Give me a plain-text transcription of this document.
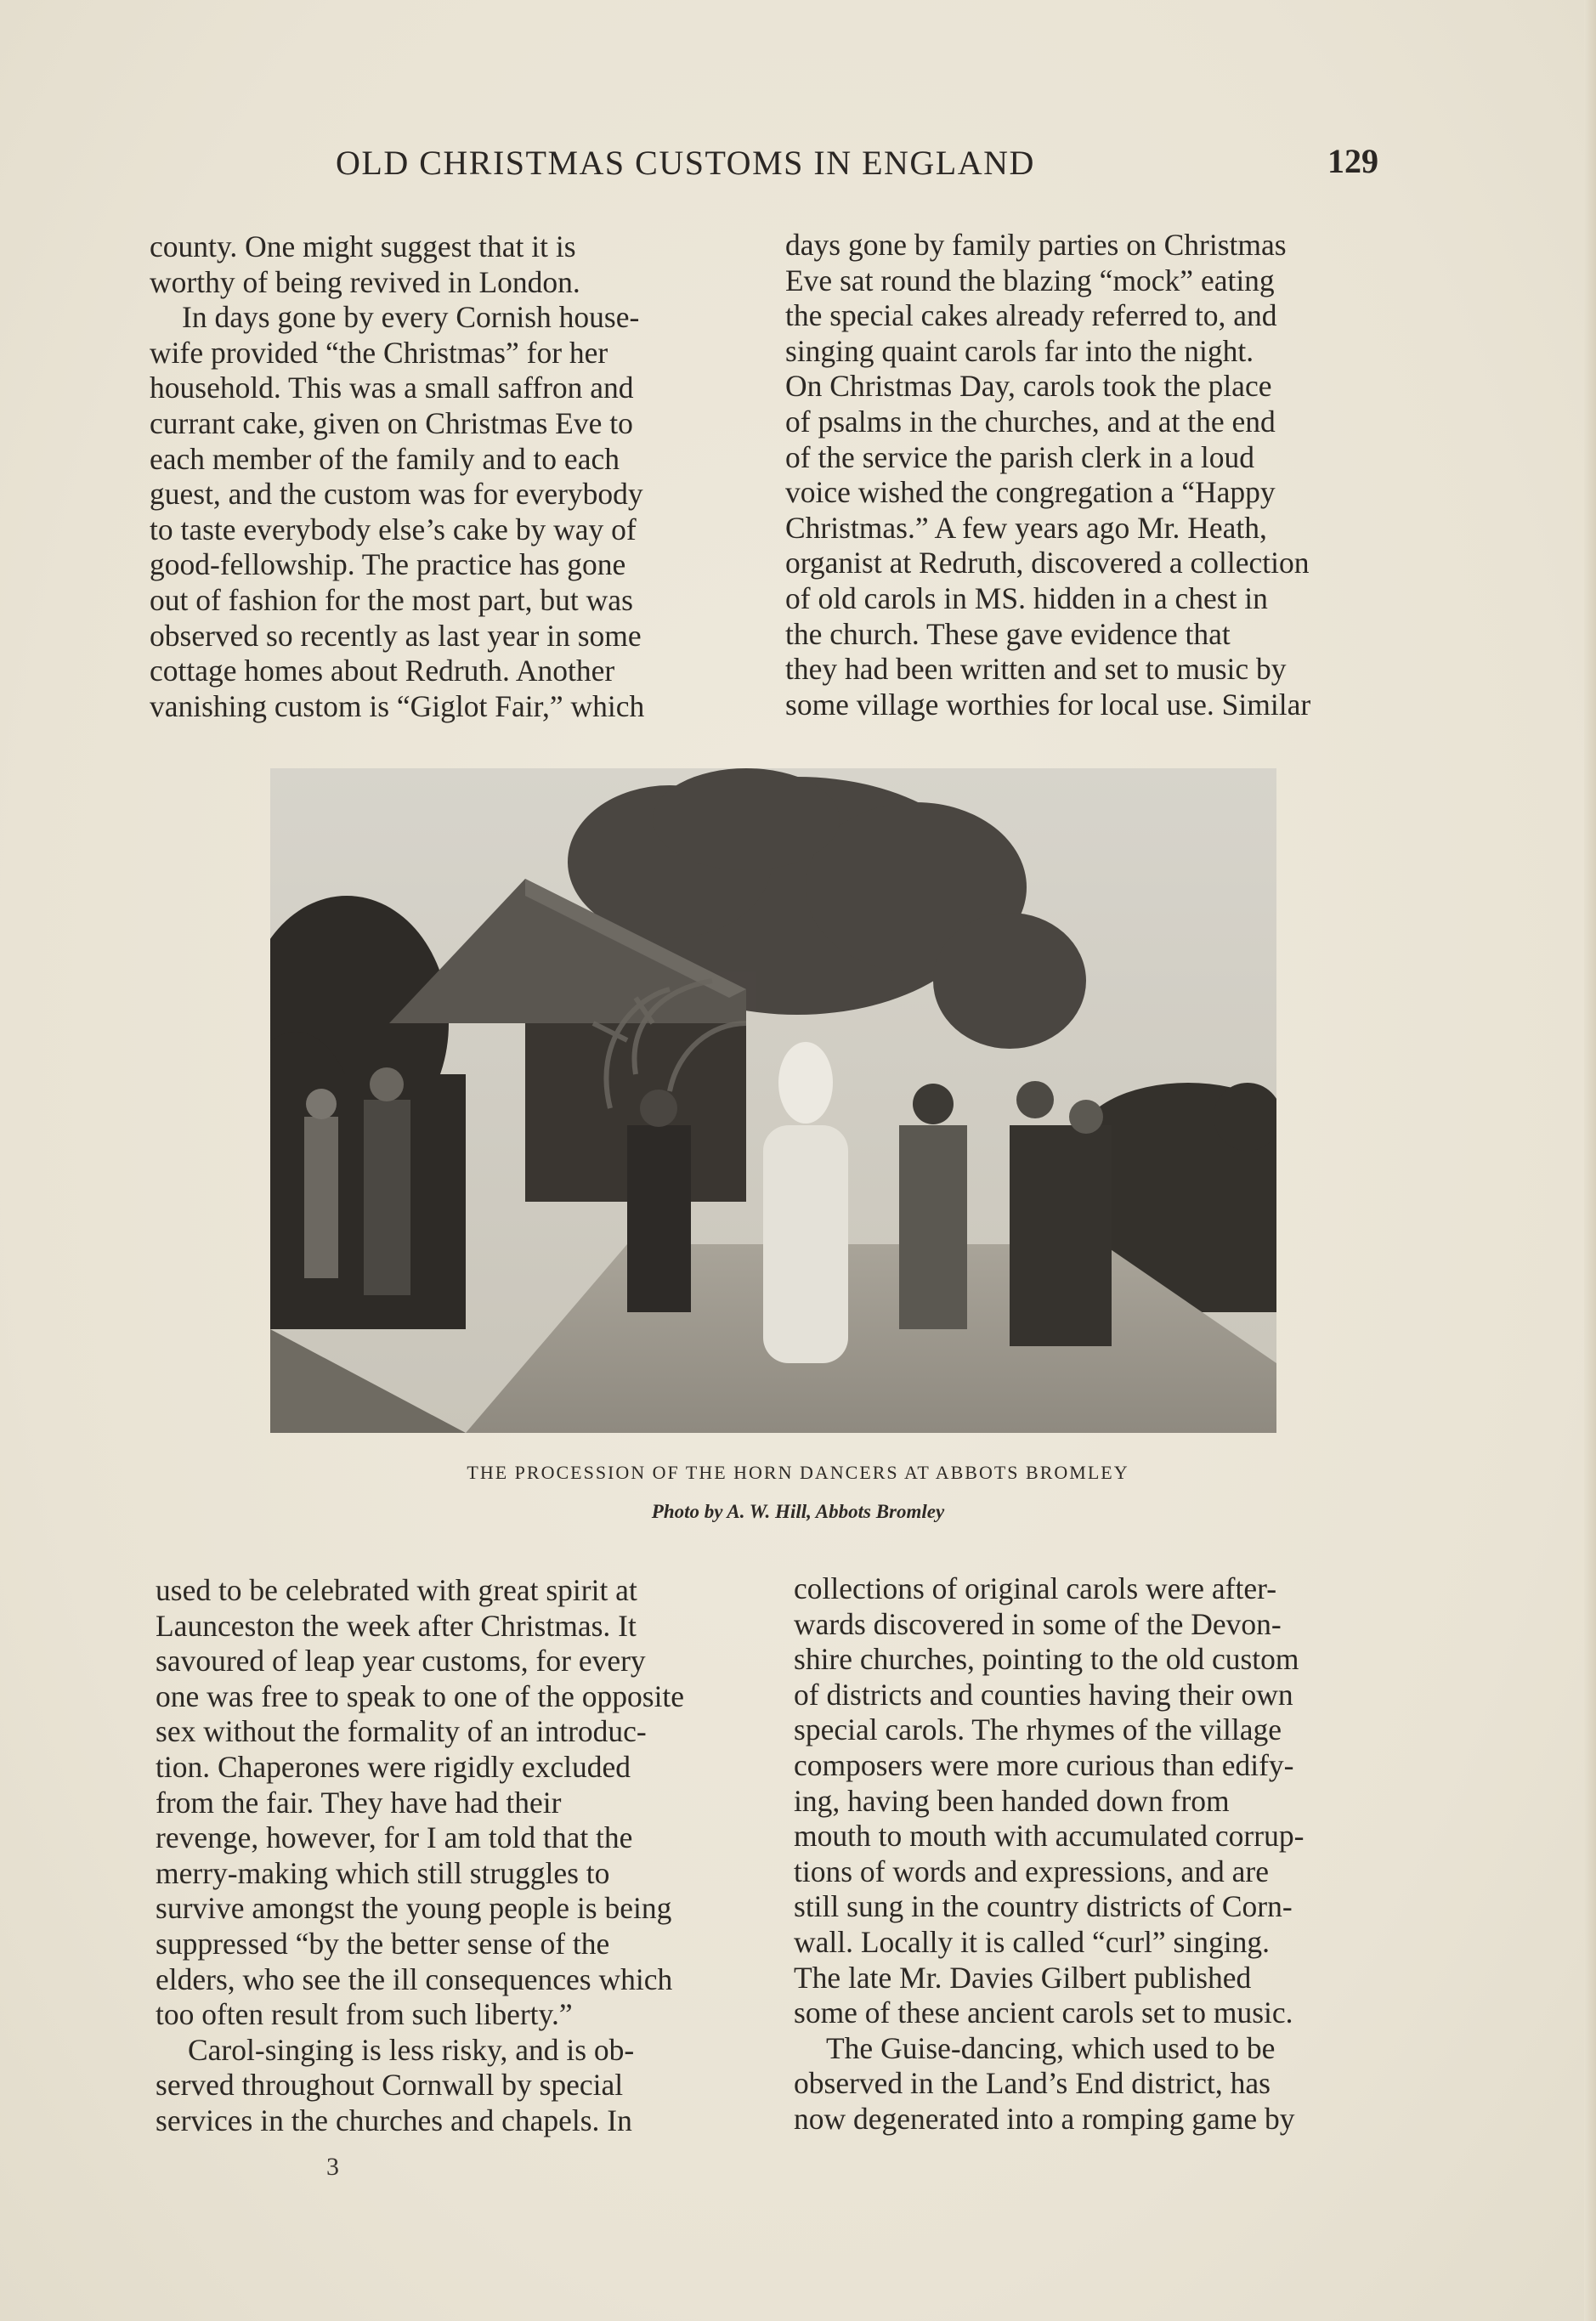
OLD CHRISTMAS CUSTOMS IN ENGLAND	129

county. One might suggest that it is

worthy of being revived in London.

In days gone by every Cornish house-

wife provided “the Christmas” for her

household. This was a small saffron and

currant cake, given on Christmas Eve to

each member of the family and to each

guest, and the custom was for everybody

to taste everybody else’s cake by way of

good-fellowship. The practice has gone

out of fashion for the most part, but was

observed so recently as last year in some

cottage homes about Redruth. Another

vanishing custom is “Giglot Fair,” which

days gone by family parties on Christmas

Eve sat round the blazing “mock” eating

the special cakes already referred to, and

singing quaint carols far into the night.

On Christmas Day, carols took the place

of psalms in the churches, and at the end

of the service the parish clerk in a loud

voice wished the congregation a “Happy

Christmas.” A few years ago Mr. Heath,

organist at Redruth, discovered a collection

of old carols in MS. hidden in a chest in

the church. These gave evidence that

they had been written and set to music by

some village worthies for local use. Similar

THE PROCESSION OF THE HORN DANCERS AT ABBOTS BROMLEY
Photo by A. W. Hill, Abbots Bromley

used to be celebrated with great spirit at

Launceston the week after Christmas. It

savoured of leap year customs, for every

one was free to speak to one of the opposite

sex without the formality of an introduc-

tion. Chaperones were rigidly excluded

from the fair. They have had their

revenge, however, for I am told that the

merry-making which still struggles to

survive amongst the young people is being

suppressed “by the better sense of the

elders, who see the ill consequences which

too often result from such liberty.”

Carol-singing is less risky, and is ob-

served throughout Cornwall by special

services in the churches and chapels. In

collections of original carols were after-

wards discovered in some of the Devon-

shire churches, pointing to the old custom

of districts and counties having their own

special carols. The rhymes of the village

composers were more curious than edify-

ing, having been handed down from

mouth to mouth with accumulated corrup-

tions of words and expressions, and are

still sung in the country districts of Corn-

wall. Locally it is called “curl” singing.

The late Mr. Davies Gilbert published

some of these ancient carols set to music.

The Guise-dancing, which used to be

observed in the Land’s End district, has

now degenerated into a romping game by

3
